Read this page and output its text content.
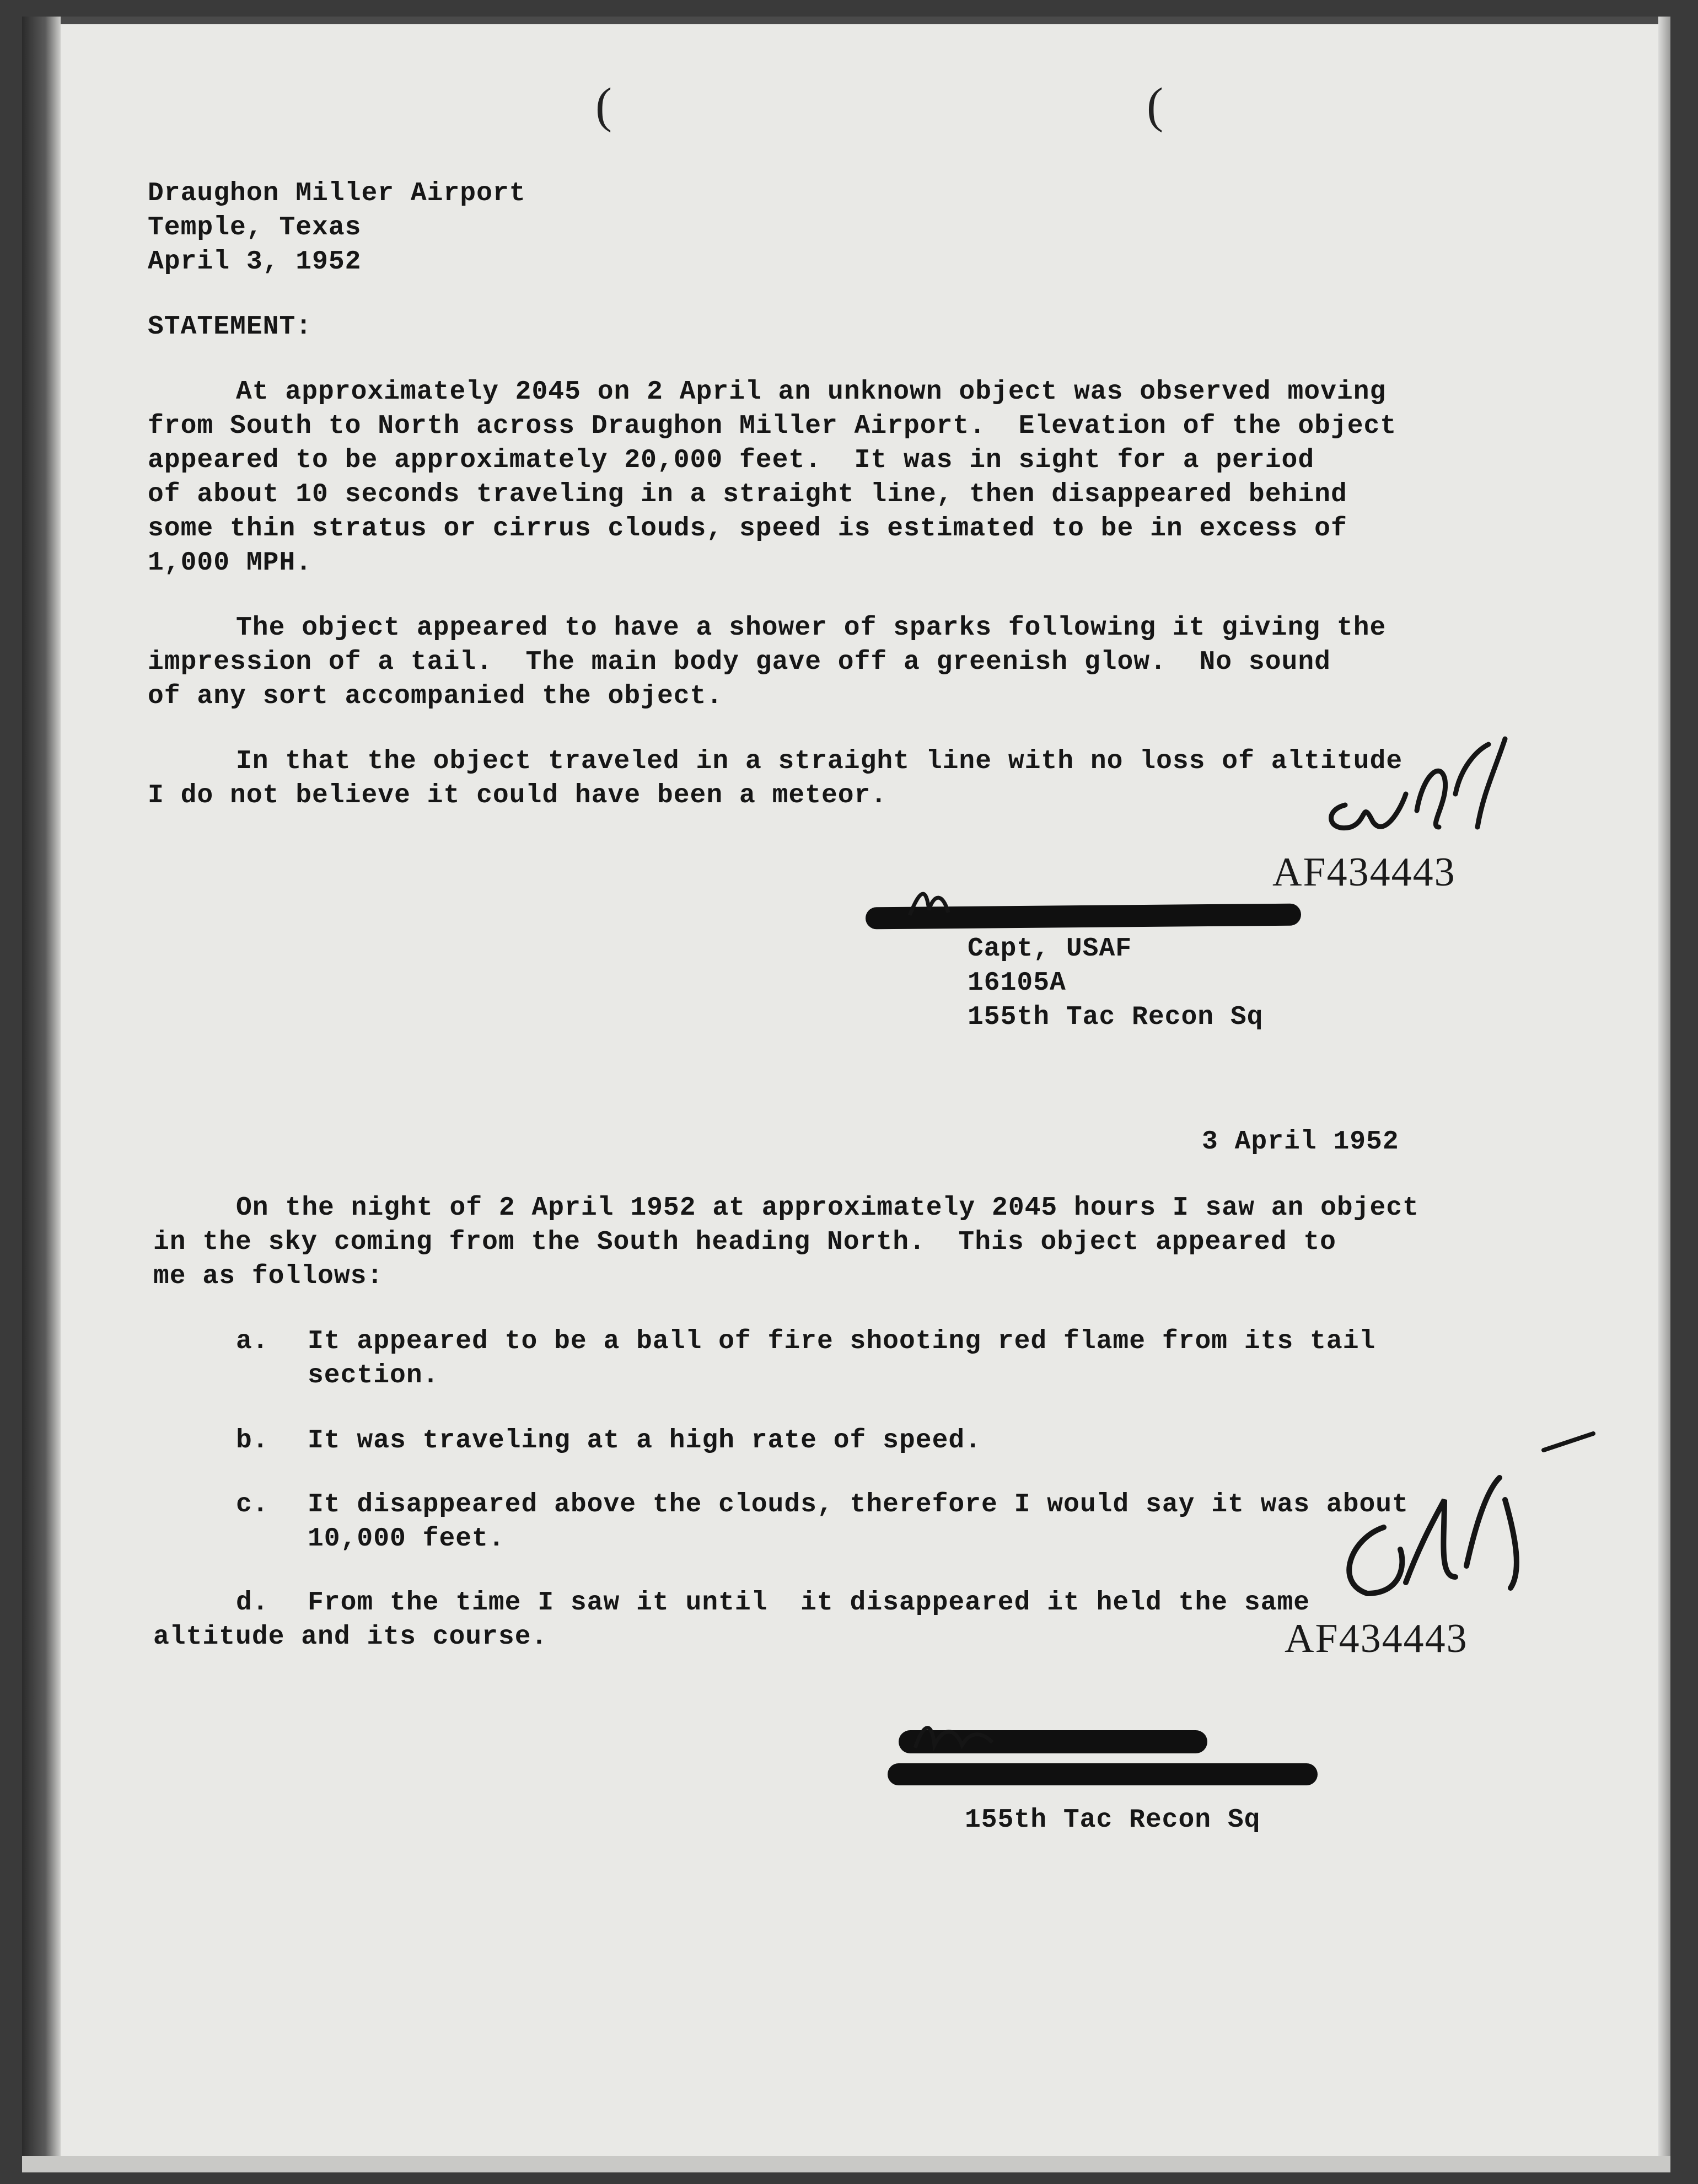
(	(
Draughon Miller Airport
Temple, Texas
April 3, 1952
STATEMENT:
At approximately 2045 on 2 April an unknown object was observed moving
from South to North across Draughon Miller Airport.  Elevation of the object
appeared to be approximately 20,000 feet.  It was in sight for a period
of about 10 seconds traveling in a straight line, then disappeared behind
some thin stratus or cirrus clouds, speed is estimated to be in excess of
1,000 MPH.
The object appeared to have a shower of sparks following it giving the
impression of a tail.  The main body gave off a greenish glow.  No sound
of any sort accompanied the object.
In that the object traveled in a straight line with no loss of altitude
I do not believe it could have been a meteor.
AF434443
Capt, USAF
16105A
155th Tac Recon Sq
3 April 1952
On the night of 2 April 1952 at approximately 2045 hours I saw an object
in the sky coming from the South heading North.  This object appeared to
me as follows:
a. It appeared to be a ball of fire shooting red flame from its tail
section.
b. It was traveling at a high rate of speed.
c. It disappeared above the clouds, therefore I would say it was about
10,000 feet.
d. From the time I saw it until  it disappeared it held the same
altitude and its course.	AF434443
155th Tac Recon Sq
